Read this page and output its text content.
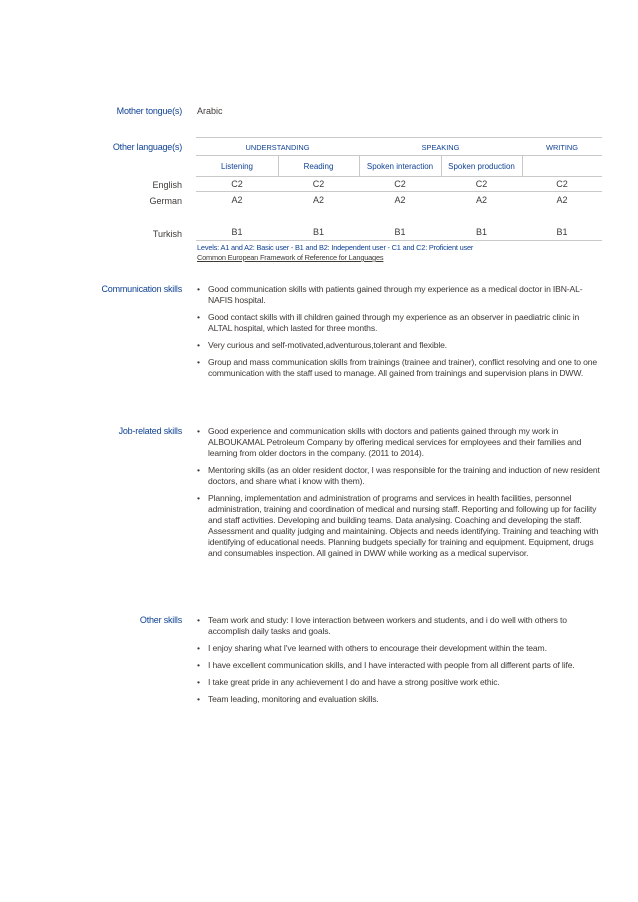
Mother tongue(s) Arabic
Other language(s)	UNDERSTANDING	SPEAKING	WRITING
Listening	Reading	Spoken interaction	Spoken production
English	C2	C2	C2	C2	C2
German	A2	A2	A2	A2	A2
Turkish	B1	B1	B1	B1	B1
Levels: A1 and A2: Basic user - B1 and B2: Independent user - C1 and C2: Proficient user
Common European Framework of Reference for Languages
Communication skills	• Good communication skills with patients gained through my experience as a medical doctor in IBN-AL-NAFIS hospital.
• Good contact skills with ill children gained through my experience as an observer in paediatric clinic in ALTAL hospital, which lasted for three months.
• Very curious and self-motivated,adventurous,tolerant and flexible.
• Group and mass communication skills from trainings (trainee and trainer), conflict resolving and one to one communication with the staff used to manage. All gained from trainings and supervision plans in DWW.
Job-related skills	• Good experience and communication skills with doctors and patients gained through my work in ALBOUKAMAL Petroleum Company by offering medical services for employees and their families and learning from older doctors in the company. (2011 to 2014).
• Mentoring skills (as an older resident doctor, I was responsible for the training and induction of new resident doctors, and share what i know with them).
• Planning, implementation and administration of programs and services in health facilities, personnel administration, training and coordination of medical and nursing staff. Reporting and following up for facility and staff activities. Developing and building teams. Data analysing. Coaching and developing the staff. Assessment and quality judging and maintaining. Objects and needs identifying. Training and teaching with identifying of educational needs. Planning budgets specially for training and equipment. Equipment, drugs and consumables inspection. All gained in DWW while working as a medical supervisor.
Other skills	• Team work and study: I love interaction between workers and students, and i do well with others to accomplish daily tasks and goals.
• I enjoy sharing what I've learned with others to encourage their development within the team.
• I have excellent communication skills, and I have interacted with people from all different parts of life.
• I take great pride in any achievement I do and have a strong positive work ethic.
• Team leading, monitoring and evaluation skills.
